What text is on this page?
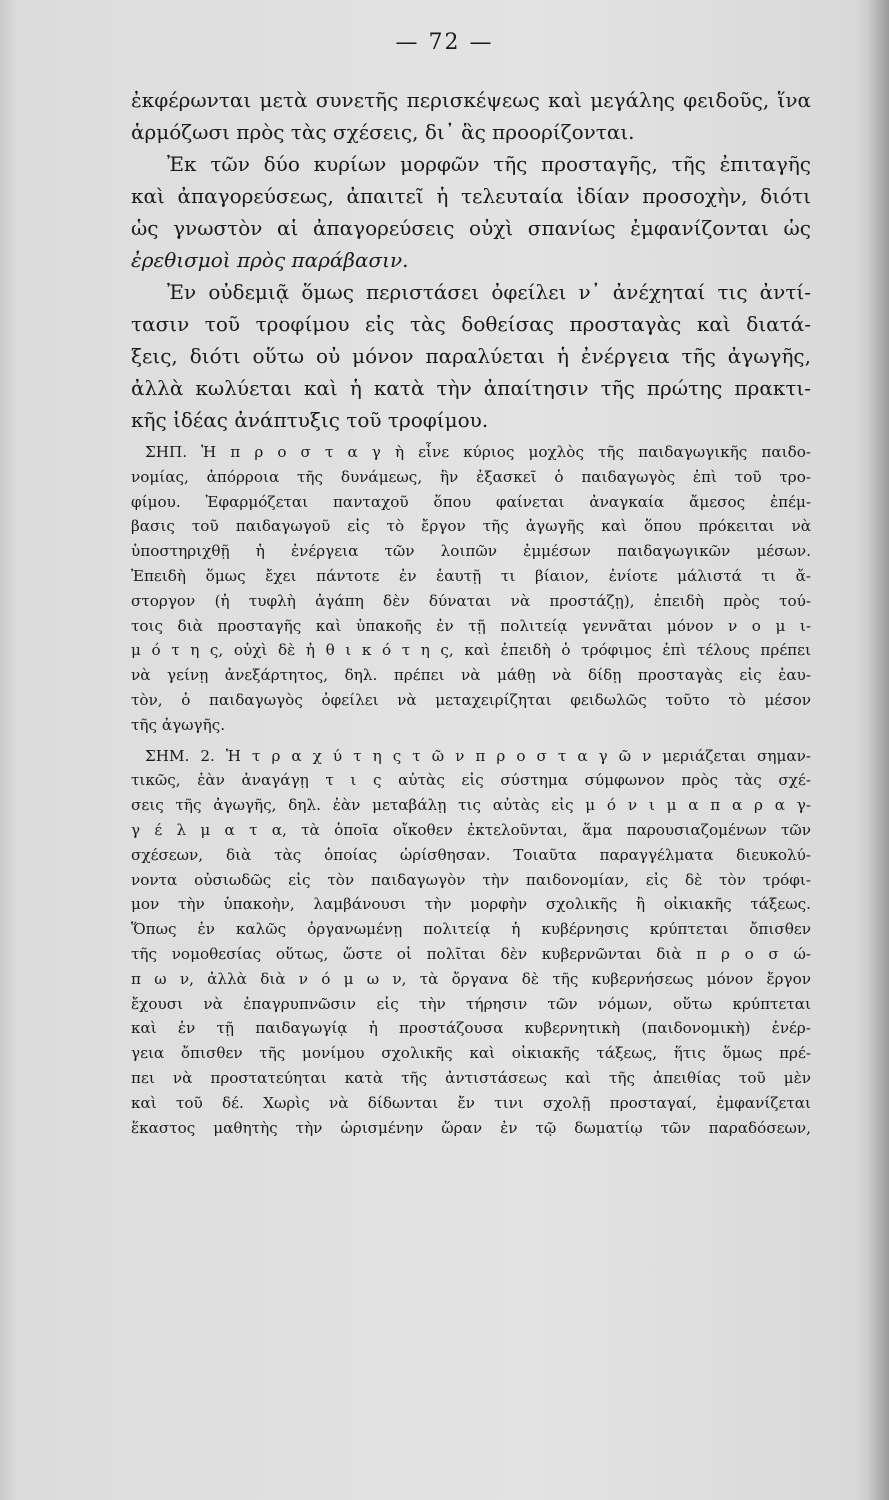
— 72 —
ἐκφέρωνται μετὰ συνετῆς περισκέψεως καὶ μεγάλης φειδοῦς, ἵνα
ἁρμόζωσι πρὸς τὰς σχέσεις, δι᾽ ἃς προορίζονται.
Ἐκ τῶν δύο κυρίων μορφῶν τῆς προσταγῆς, τῆς ἐπιταγῆς
καὶ ἀπαγορεύσεως, ἀπαιτεῖ ἡ τελευταία ἰδίαν προσοχὴν, διότι
ὡς γνωστὸν αἱ ἀπαγορεύσεις οὐχὶ σπανίως ἐμφανίζονται ὡς
ἐρεθισμοὶ πρὸς παράβασιν.
Ἐν οὐδεμιᾷ ὅμως περιστάσει ὀφείλει ν᾽ ἀνέχηταί τις ἀντί-
τασιν τοῦ τροφίμου εἰς τὰς δοθείσας προσταγὰς καὶ διατά-
ξεις, διότι οὕτω οὐ μόνον παραλύεται ἡ ἐνέργεια τῆς ἀγωγῆς,
ἀλλὰ κωλύεται καὶ ἡ κατὰ τὴν ἀπαίτησιν τῆς πρώτης πρακτι-
κῆς ἰδέας ἀνάπτυξις τοῦ τροφίμου.
ΣΗΠ. Ἡ π ρ ο σ τ α γ ὴ εἶνε κύριος μοχλὸς τῆς παιδαγωγικῆς παιδο-
νομίας, ἀπόρροια τῆς δυνάμεως, ἣν ἐξασκεῖ ὁ παιδαγωγὸς ἐπὶ τοῦ τρο-
φίμου. Ἐφαρμόζεται πανταχοῦ ὅπου φαίνεται ἀναγκαία ἄμεσος ἐπέμ-
βασις τοῦ παιδαγωγοῦ εἰς τὸ ἔργον τῆς ἀγωγῆς καὶ ὅπου πρόκειται νὰ
ὑποστηριχθῇ ἡ ἐνέργεια τῶν λοιπῶν ἐμμέσων παιδαγωγικῶν μέσων.
Ἐπειδὴ ὅμως ἔχει πάντοτε ἐν ἑαυτῇ τι βίαιον, ἐνίοτε μάλιστά τι ἄ-
στοργον (ἡ τυφλὴ ἀγάπη δὲν δύναται νὰ προστάζῃ), ἐπειδὴ πρὸς τού-
τοις διὰ προσταγῆς καὶ ὑπακοῆς ἐν τῇ πολιτείᾳ γεννᾶται μόνον ν ο μ ι-
μ ό τ η ς, οὐχὶ δὲ ἠ θ ι κ ό τ η ς, καὶ ἐπειδὴ ὁ τρόφιμος ἐπὶ τέλους πρέπει
νὰ γείνῃ ἀνεξάρτητος, δηλ. πρέπει νὰ μάθῃ νὰ δίδῃ προσταγὰς εἰς ἑαυ-
τὸν, ὁ παιδαγωγὸς ὀφείλει νὰ μεταχειρίζηται φειδωλῶς τοῦτο τὸ μέσον
τῆς ἀγωγῆς.
ΣΗΜ. 2. Ἡ τ ρ α χ ύ τ η ς τ ῶ ν π ρ ο σ τ α γ ῶ ν μεριάζεται σημαν-
τικῶς, ἐὰν ἀναγάγῃ τ ι ς αὐτὰς εἰς σύστημα σύμφωνον πρὸς τὰς σχέ-
σεις τῆς ἀγωγῆς, δηλ. ἐὰν μεταβάλῃ τις αὐτὰς εἰς μ ό ν ι μ α π α ρ α γ-
γ έ λ μ α τ α, τὰ ὁποῖα οἴκοθεν ἐκτελοῦνται, ἅμα παρουσιαζομένων τῶν
σχέσεων, διὰ τὰς ὁποίας ὡρίσθησαν. Τοιαῦτα παραγγέλματα διευκολύ-
νοντα οὐσιωδῶς εἰς τὸν παιδαγωγὸν τὴν παιδονομίαν, εἰς δὲ τὸν τρόφι-
μον τὴν ὑπακοὴν, λαμβάνουσι τὴν μορφὴν σχολικῆς ἢ οἰκιακῆς τάξεως.
Ὅπως ἐν καλῶς ὀργανωμένῃ πολιτείᾳ ἡ κυβέρνησις κρύπτεται ὄπισθεν
τῆς νομοθεσίας οὕτως, ὥστε οἱ πολῖται δὲν κυβερνῶνται διὰ π ρ ο σ ώ-
π ω ν, ἀλλὰ διὰ ν ό μ ω ν, τὰ ὄργανα δὲ τῆς κυβερνήσεως μόνον ἔργον
ἔχουσι νὰ ἐπαγρυπνῶσιν εἰς τὴν τήρησιν τῶν νόμων, οὕτω κρύπτεται
καὶ ἐν τῇ παιδαγωγίᾳ ἡ προστάζουσα κυβερνητικὴ (παιδονομικὴ) ἐνέρ-
γεια ὄπισθεν τῆς μονίμου σχολικῆς καὶ οἰκιακῆς τάξεως, ἥτις ὅμως πρέ-
πει νὰ προστατεύηται κατὰ τῆς ἀντιστάσεως καὶ τῆς ἀπειθίας τοῦ μὲν
καὶ τοῦ δέ. Χωρὶς νὰ δίδωνται ἔν τινι σχολῇ προσταγαί, ἐμφανίζεται
ἕκαστος μαθητὴς τὴν ὡρισμένην ὥραν ἐν τῷ δωματίῳ τῶν παραδόσεων,
